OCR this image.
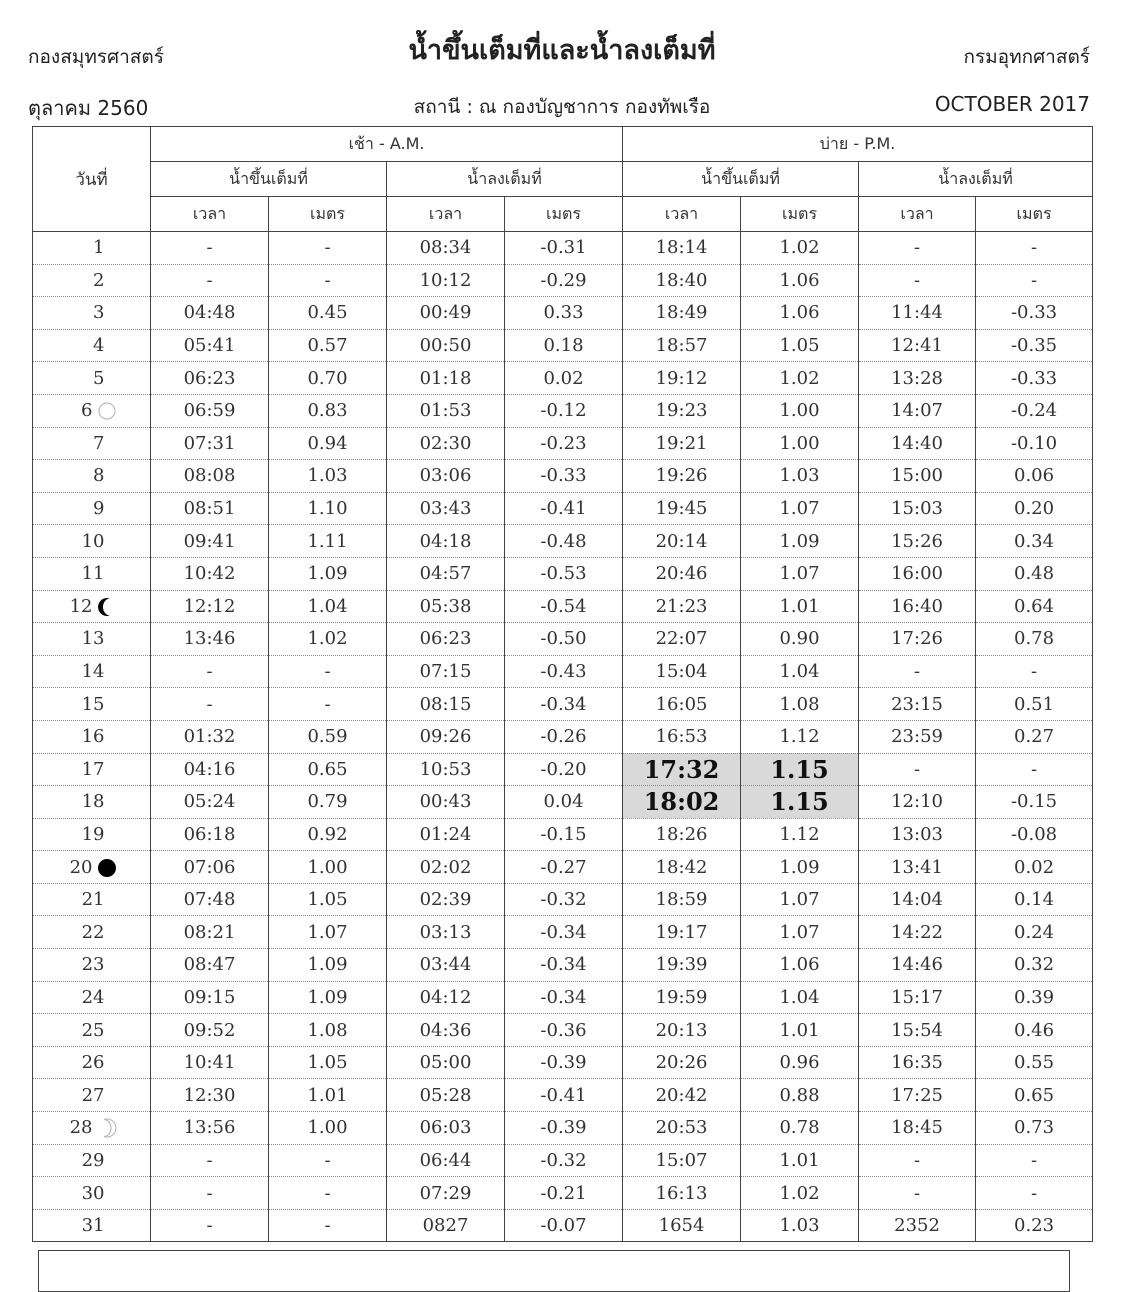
กองสมุทรศาสตร์	น้ำขึ้นเต็มที่และน้ำลงเต็มที่	กรมอุทกศาสตร์
ตุลาคม 2560	สถานี : ณ กองบัญชาการ กองทัพเรือ	OCTOBER 2017
วันที่	เช้า - A.M.				บ่าย - P.M.			
	น้ำขึ้นเต็มที่		น้ำลงเต็มที่		น้ำขึ้นเต็มที่		น้ำลงเต็มที่	
	เวลา	เมตร	เวลา	เมตร	เวลา	เมตร	เวลา	เมตร
1	-	-	08:34	-0.31	18:14	1.02	-	-
2	-	-	10:12	-0.29	18:40	1.06	-	-
3	04:48	0.45	00:49	0.33	18:49	1.06	11:44	-0.33
4	05:41	0.57	00:50	0.18	18:57	1.05	12:41	-0.35
5	06:23	0.70	01:18	0.02	19:12	1.02	13:28	-0.33
6	06:59	0.83	01:53	-0.12	19:23	1.00	14:07	-0.24
7	07:31	0.94	02:30	-0.23	19:21	1.00	14:40	-0.10
8	08:08	1.03	03:06	-0.33	19:26	1.03	15:00	0.06
9	08:51	1.10	03:43	-0.41	19:45	1.07	15:03	0.20
10	09:41	1.11	04:18	-0.48	20:14	1.09	15:26	0.34
11	10:42	1.09	04:57	-0.53	20:46	1.07	16:00	0.48
12	12:12	1.04	05:38	-0.54	21:23	1.01	16:40	0.64
13	13:46	1.02	06:23	-0.50	22:07	0.90	17:26	0.78
14	-	-	07:15	-0.43	15:04	1.04	-	-
15	-	-	08:15	-0.34	16:05	1.08	23:15	0.51
16	01:32	0.59	09:26	-0.26	16:53	1.12	23:59	0.27
17	04:16	0.65	10:53	-0.20	17:32	1.15	-	-
18	05:24	0.79	00:43	0.04	18:02	1.15	12:10	-0.15
19	06:18	0.92	01:24	-0.15	18:26	1.12	13:03	-0.08
20	07:06	1.00	02:02	-0.27	18:42	1.09	13:41	0.02
21	07:48	1.05	02:39	-0.32	18:59	1.07	14:04	0.14
22	08:21	1.07	03:13	-0.34	19:17	1.07	14:22	0.24
23	08:47	1.09	03:44	-0.34	19:39	1.06	14:46	0.32
24	09:15	1.09	04:12	-0.34	19:59	1.04	15:17	0.39
25	09:52	1.08	04:36	-0.36	20:13	1.01	15:54	0.46
26	10:41	1.05	05:00	-0.39	20:26	0.96	16:35	0.55
27	12:30	1.01	05:28	-0.41	20:42	0.88	17:25	0.65
28	13:56	1.00	06:03	-0.39	20:53	0.78	18:45	0.73
29	-	-	06:44	-0.32	15:07	1.01	-	-
30	-	-	07:29	-0.21	16:13	1.02	-	-
31	-	-	0827	-0.07	1654	1.03	2352	0.23
